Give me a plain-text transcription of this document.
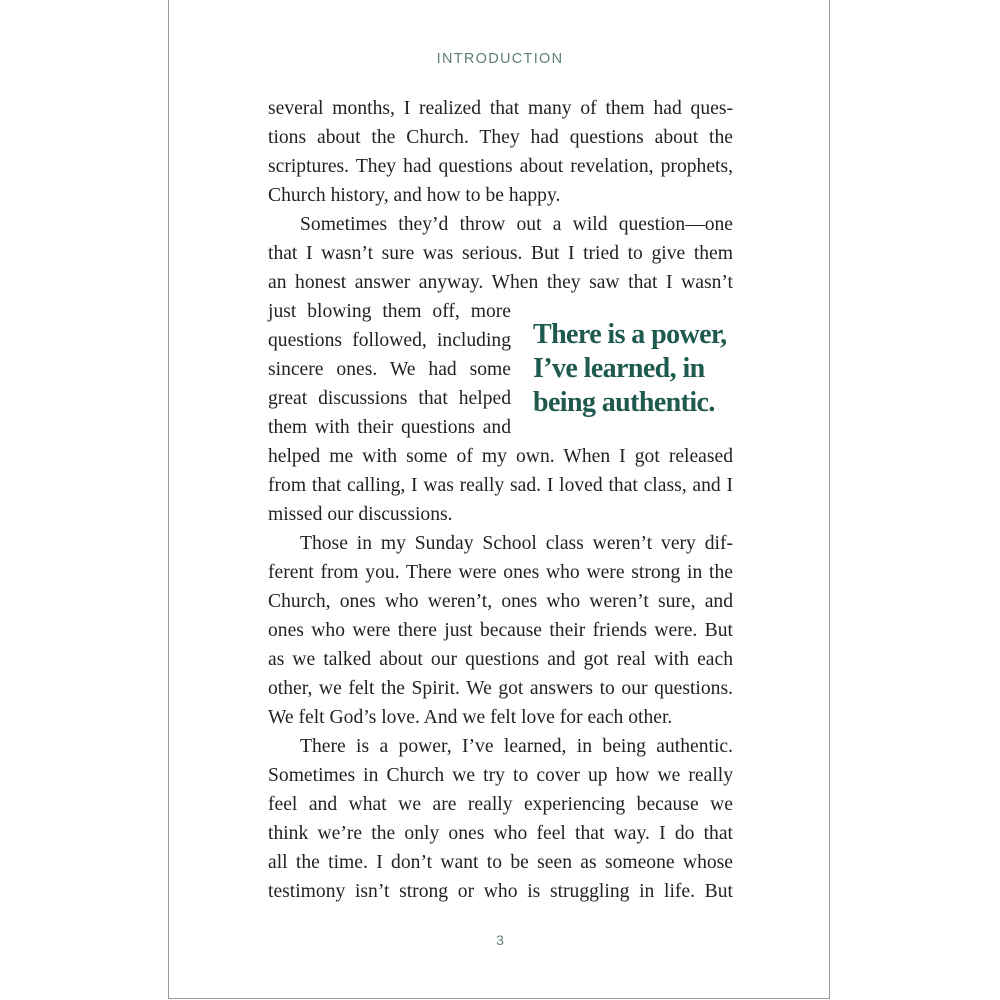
INTRODUCTION
several months, I realized that many of them had ques-
tions about the Church. They had questions about the
scriptures. They had questions about revelation, prophets,
Church history, and how to be happy.
Sometimes they’d throw out a wild question—one
that I wasn’t sure was serious. But I tried to give them
an honest answer anyway. When they saw that I wasn’t
just blowing them off, more
questions followed, including
sincere ones. We had some
great discussions that helped
them with their questions and
helped me with some of my own. When I got released
from that calling, I was really sad. I loved that class, and I
missed our discussions.
Those in my Sunday School class weren’t very dif-
ferent from you. There were ones who were strong in the
Church, ones who weren’t, ones who weren’t sure, and
ones who were there just because their friends were. But
as we talked about our questions and got real with each
other, we felt the Spirit. We got answers to our questions.
We felt God’s love. And we felt love for each other.
There is a power, I’ve learned, in being authentic.
Sometimes in Church we try to cover up how we really
feel and what we are really experiencing because we
think we’re the only ones who feel that way. I do that
all the time. I don’t want to be seen as someone whose
testimony isn’t strong or who is struggling in life. But
There is a power,
I’ve learned, in
being authentic.
3
